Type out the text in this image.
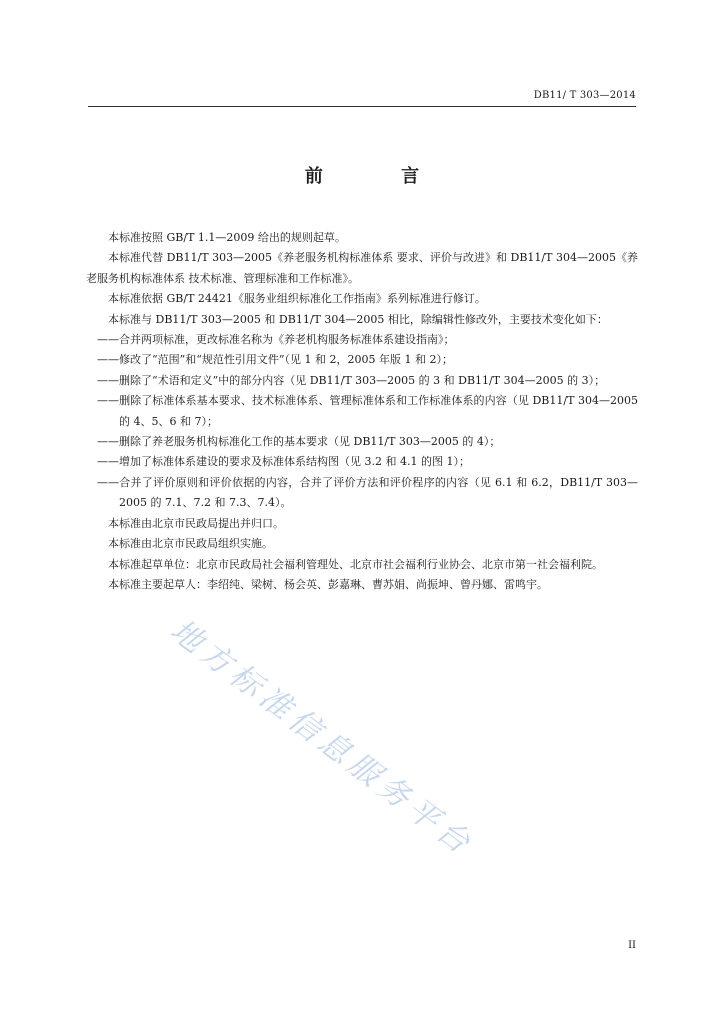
DB11/ T 303—2014
前 言

本标准按照 GB/T 1.1—2009 给出的规则起草。

本标准代替 DB11/T 303—2005《养老服务机构标准体系 要求、评价与改进》和 DB11/T 304—2005《养老服务机构标准体系 技术标准、管理标准和工作标准》。

本标准依据 GB/T 24421《服务业组织标准化工作指南》系列标准进行修订。

本标准与 DB11/T 303—2005 和 DB11/T 304—2005 相比，除编辑性修改外，主要技术变化如下：

——合并两项标准，更改标准名称为《养老机构服务标准体系建设指南》；

——修改了“范围”和“规范性引用文件”（见 1 和 2，2005 年版 1 和 2）；

——删除了“术语和定义”中的部分内容（见 DB11/T 303—2005 的 3 和 DB11/T 304—2005 的 3）；

——删除了标准体系基本要求、技术标准体系、管理标准体系和工作标准体系的内容（见 DB11/T 304—2005 的 4、5、6 和 7）；

——删除了养老服务机构标准化工作的基本要求（见 DB11/T 303—2005 的 4）；

——增加了标准体系建设的要求及标准体系结构图（见 3.2 和 4.1 的图 1）；

——合并了评价原则和评价依据的内容，合并了评价方法和评价程序的内容（见 6.1 和 6.2，DB11/T 303—2005 的 7.1、7.2 和 7.3、7.4）。

本标准由北京市民政局提出并归口。

本标准由北京市民政局组织实施。

本标准起草单位：北京市民政局社会福利管理处、北京市社会福利行业协会、北京市第一社会福利院。

本标准主要起草人：李绍纯、梁树、杨会英、彭嘉琳、曹苏娟、尚振坤、曾丹娜、雷鸣宇。

地方标准信息服务平台
II
